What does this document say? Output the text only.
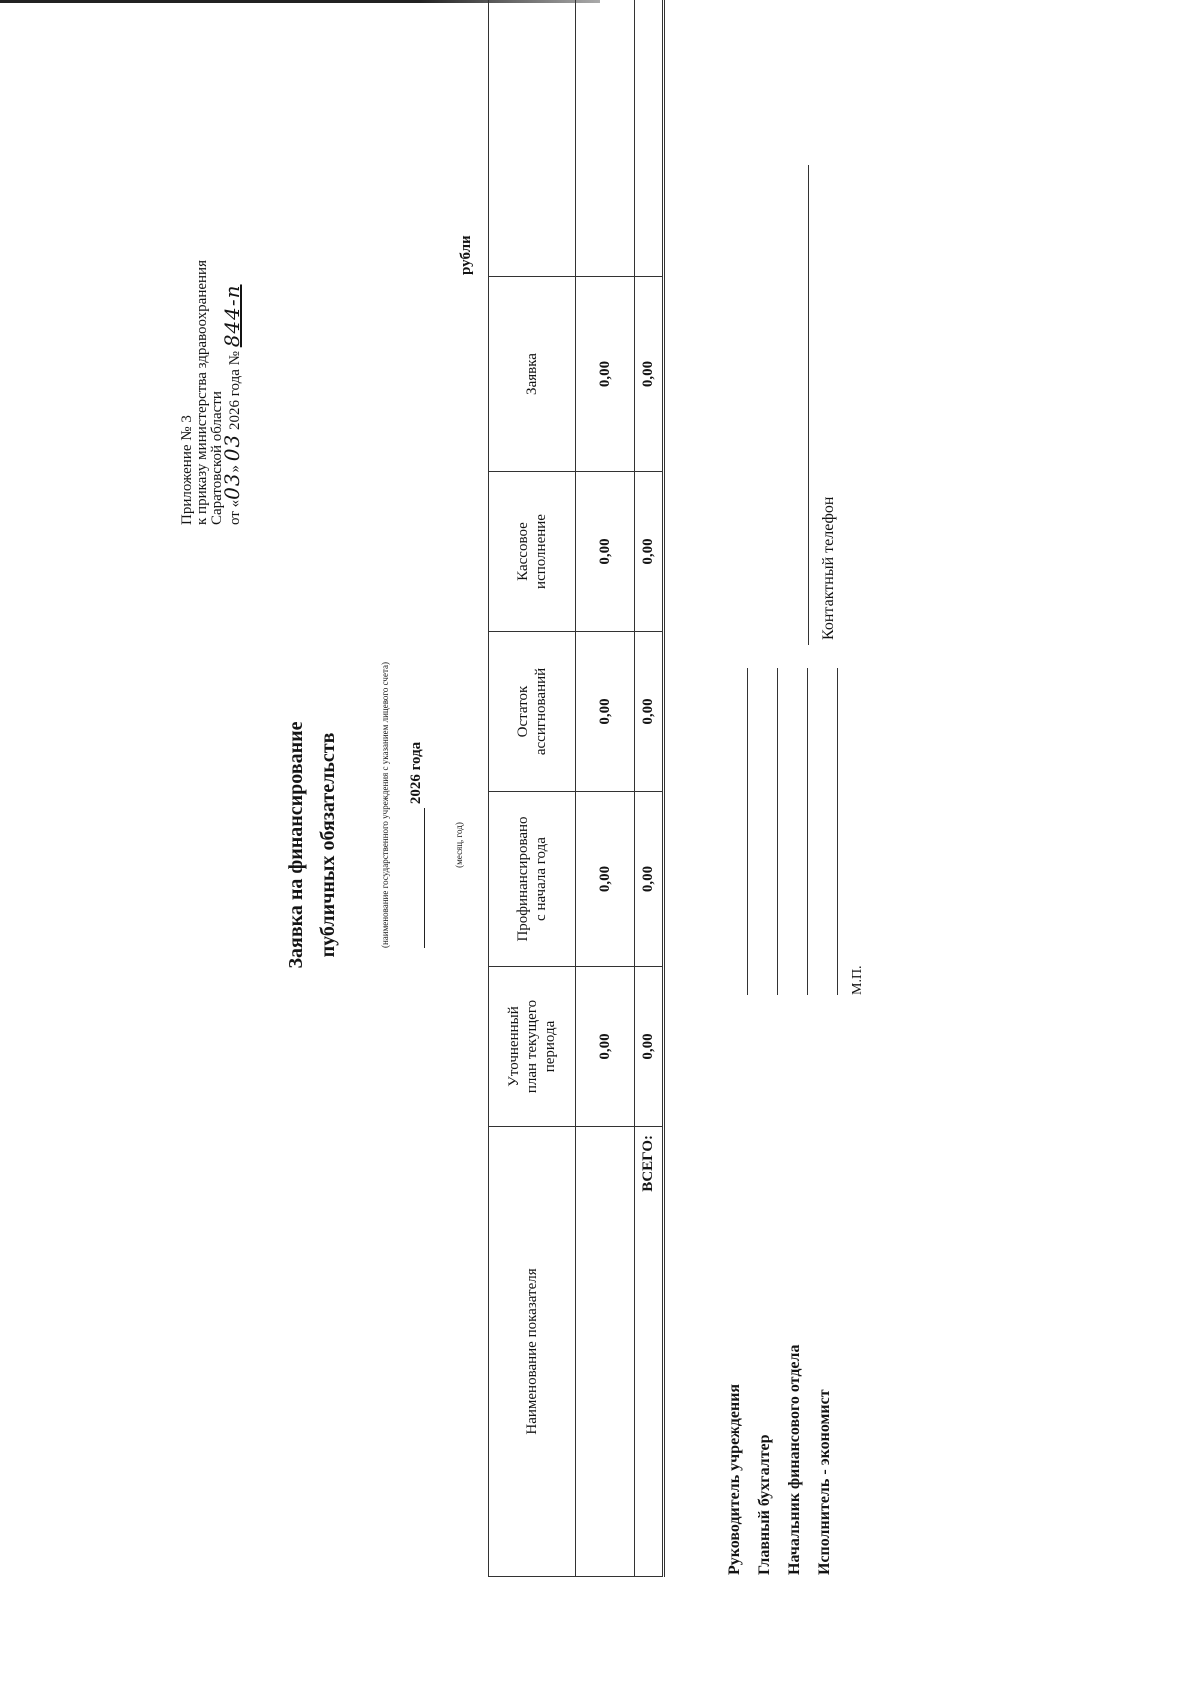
Приложение № 3 к приказу министерства здравоохранения Саратовской области от «03» 03 2026 года № 844-п
Заявка на финансирование публичных обязательств	(наименование государственного учреждения с указанием лицевого счета) 2026 года
(месяц, год)
рубли
Наименование показателя	Уточненный план текущего периода	Профинансировано с начала года	Остаток ассигнований	Кассовое исполнение	Заявка	
	0,00	0,00	0,00	0,00	0,00	
ВСЕГО:	0,00	0,00	0,00	0,00	0,00	
Руководитель учреждения Главный бухгалтер Начальник финансового отдела Исполнитель - экономист
Контактный телефон
М.П.
